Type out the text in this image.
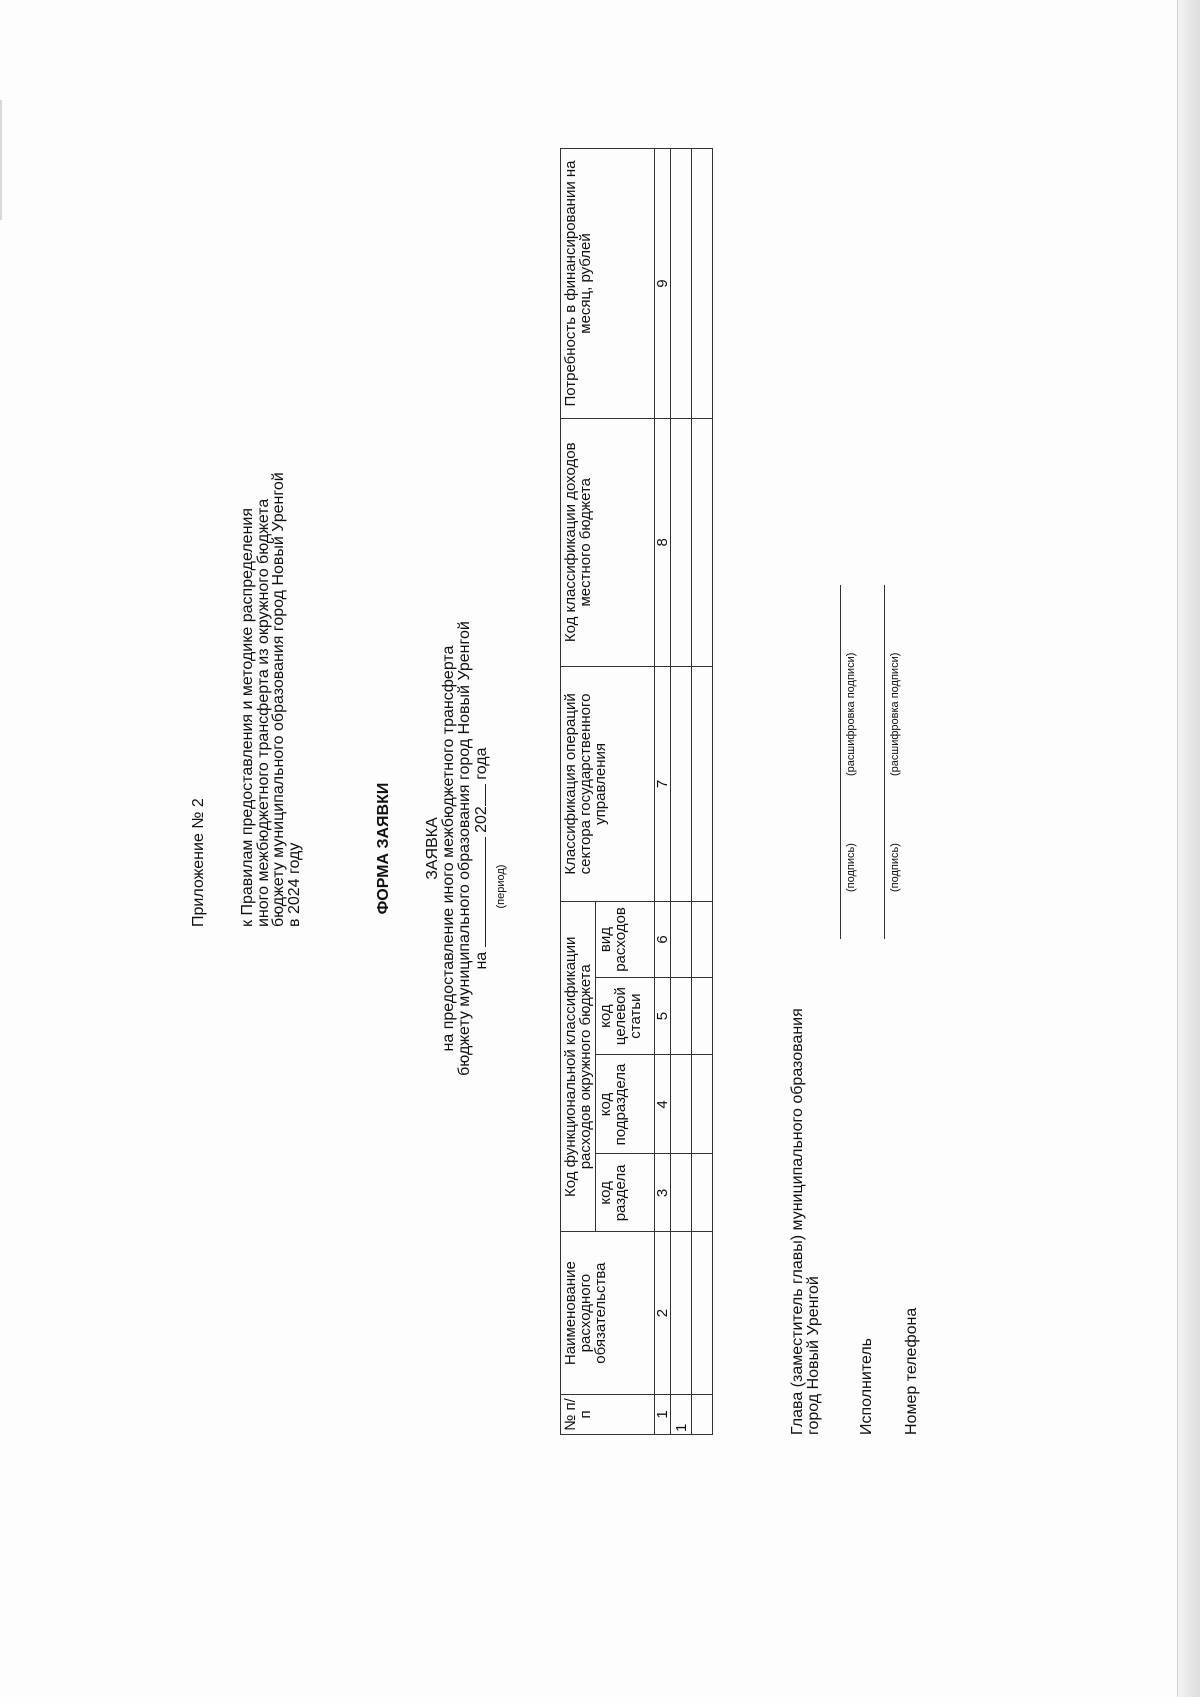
Приложение № 2 к Правилам предоставления и методике распределения
иного межбюджетного трансферта из окружного бюджета
бюджету муниципального образования город Новый Уренгой
в 2024 году	ФОРМА ЗАЯВКИ ЗАЯВКА на предоставление иного межбюджетного трансферта бюджету муниципального образования город Новый Уренгой на  202 года
(период)
№ п/п	Наименование расходного обязательства	Код функциональной классификации расходов окружного бюджета				Классификация операций сектора государственного управления	Код классификации доходов местного бюджета	Потребность в финансировании на месяц, рублей
		код раздела	код подраздела	код целевой статьи	вид расходов			
1	2	3	4	5	6	7	8	9
1								
									Глава (заместитель главы) муниципального образования город Новый Уренгой Исполнитель Номер телефона
(подпись)
(расшифровка подписи)
(подпись)
(расшифровка подписи)
